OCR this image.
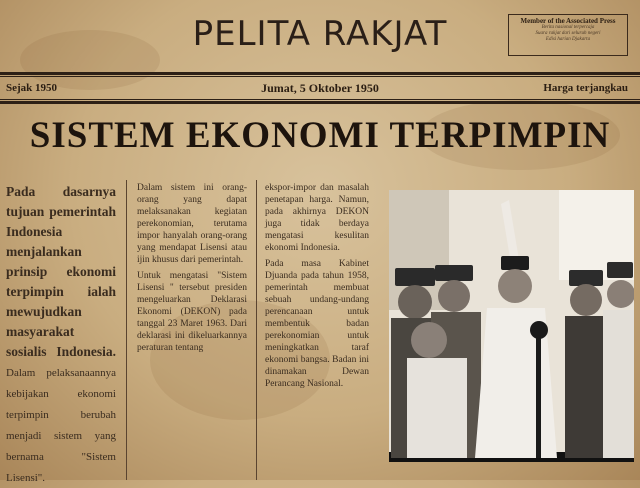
PELITA RAKJAT	Member of the Associated Press
Berita nasional terpercaja
Suara rakjat dari seluruh negeri
Edisi harian Djakarta
Sejak 1950	Jumat, 5 Oktober 1950	Harga terjangkau
SISTEM EKONOMI TERPIMPIN

Pada dasarnya tujuan pemerintah Indonesia menjalankan prinsip ekonomi terpimpin ialah mewujudkan masyarakat sosialis Indonesia. Dalam pelaksanaannya kebijakan ekonomi terpimpin berubah menjadi sistem yang bernama "Sistem Lisensi".

Dalam sistem ini orang-orang yang dapat melaksanakan kegiatan perekonomian, terutama impor hanyalah orang-orang yang mendapat Lisensi atau ijin khusus dari pemerintah.

Untuk mengatasi "Sistem Lisensi " tersebut presiden mengeluarkan Deklarasi Ekonomi (DEKON) pada tanggal 23 Maret 1963. Dari deklarasi ini dikeluarkannya peraturan tentang

ekspor-impor dan masalah penetapan harga. Namun, pada akhirnya DEKON juga tidak berdaya mengatasi kesulitan ekonomi Indonesia.

Pada masa Kabinet Djuanda pada tahun 1958, pemerintah membuat sebuah undang-undang perencanaan untuk membentuk badan perekonomian untuk meningkatkan taraf ekonomi bangsa. Badan ini dinamakan Dewan Perancang Nasional.
